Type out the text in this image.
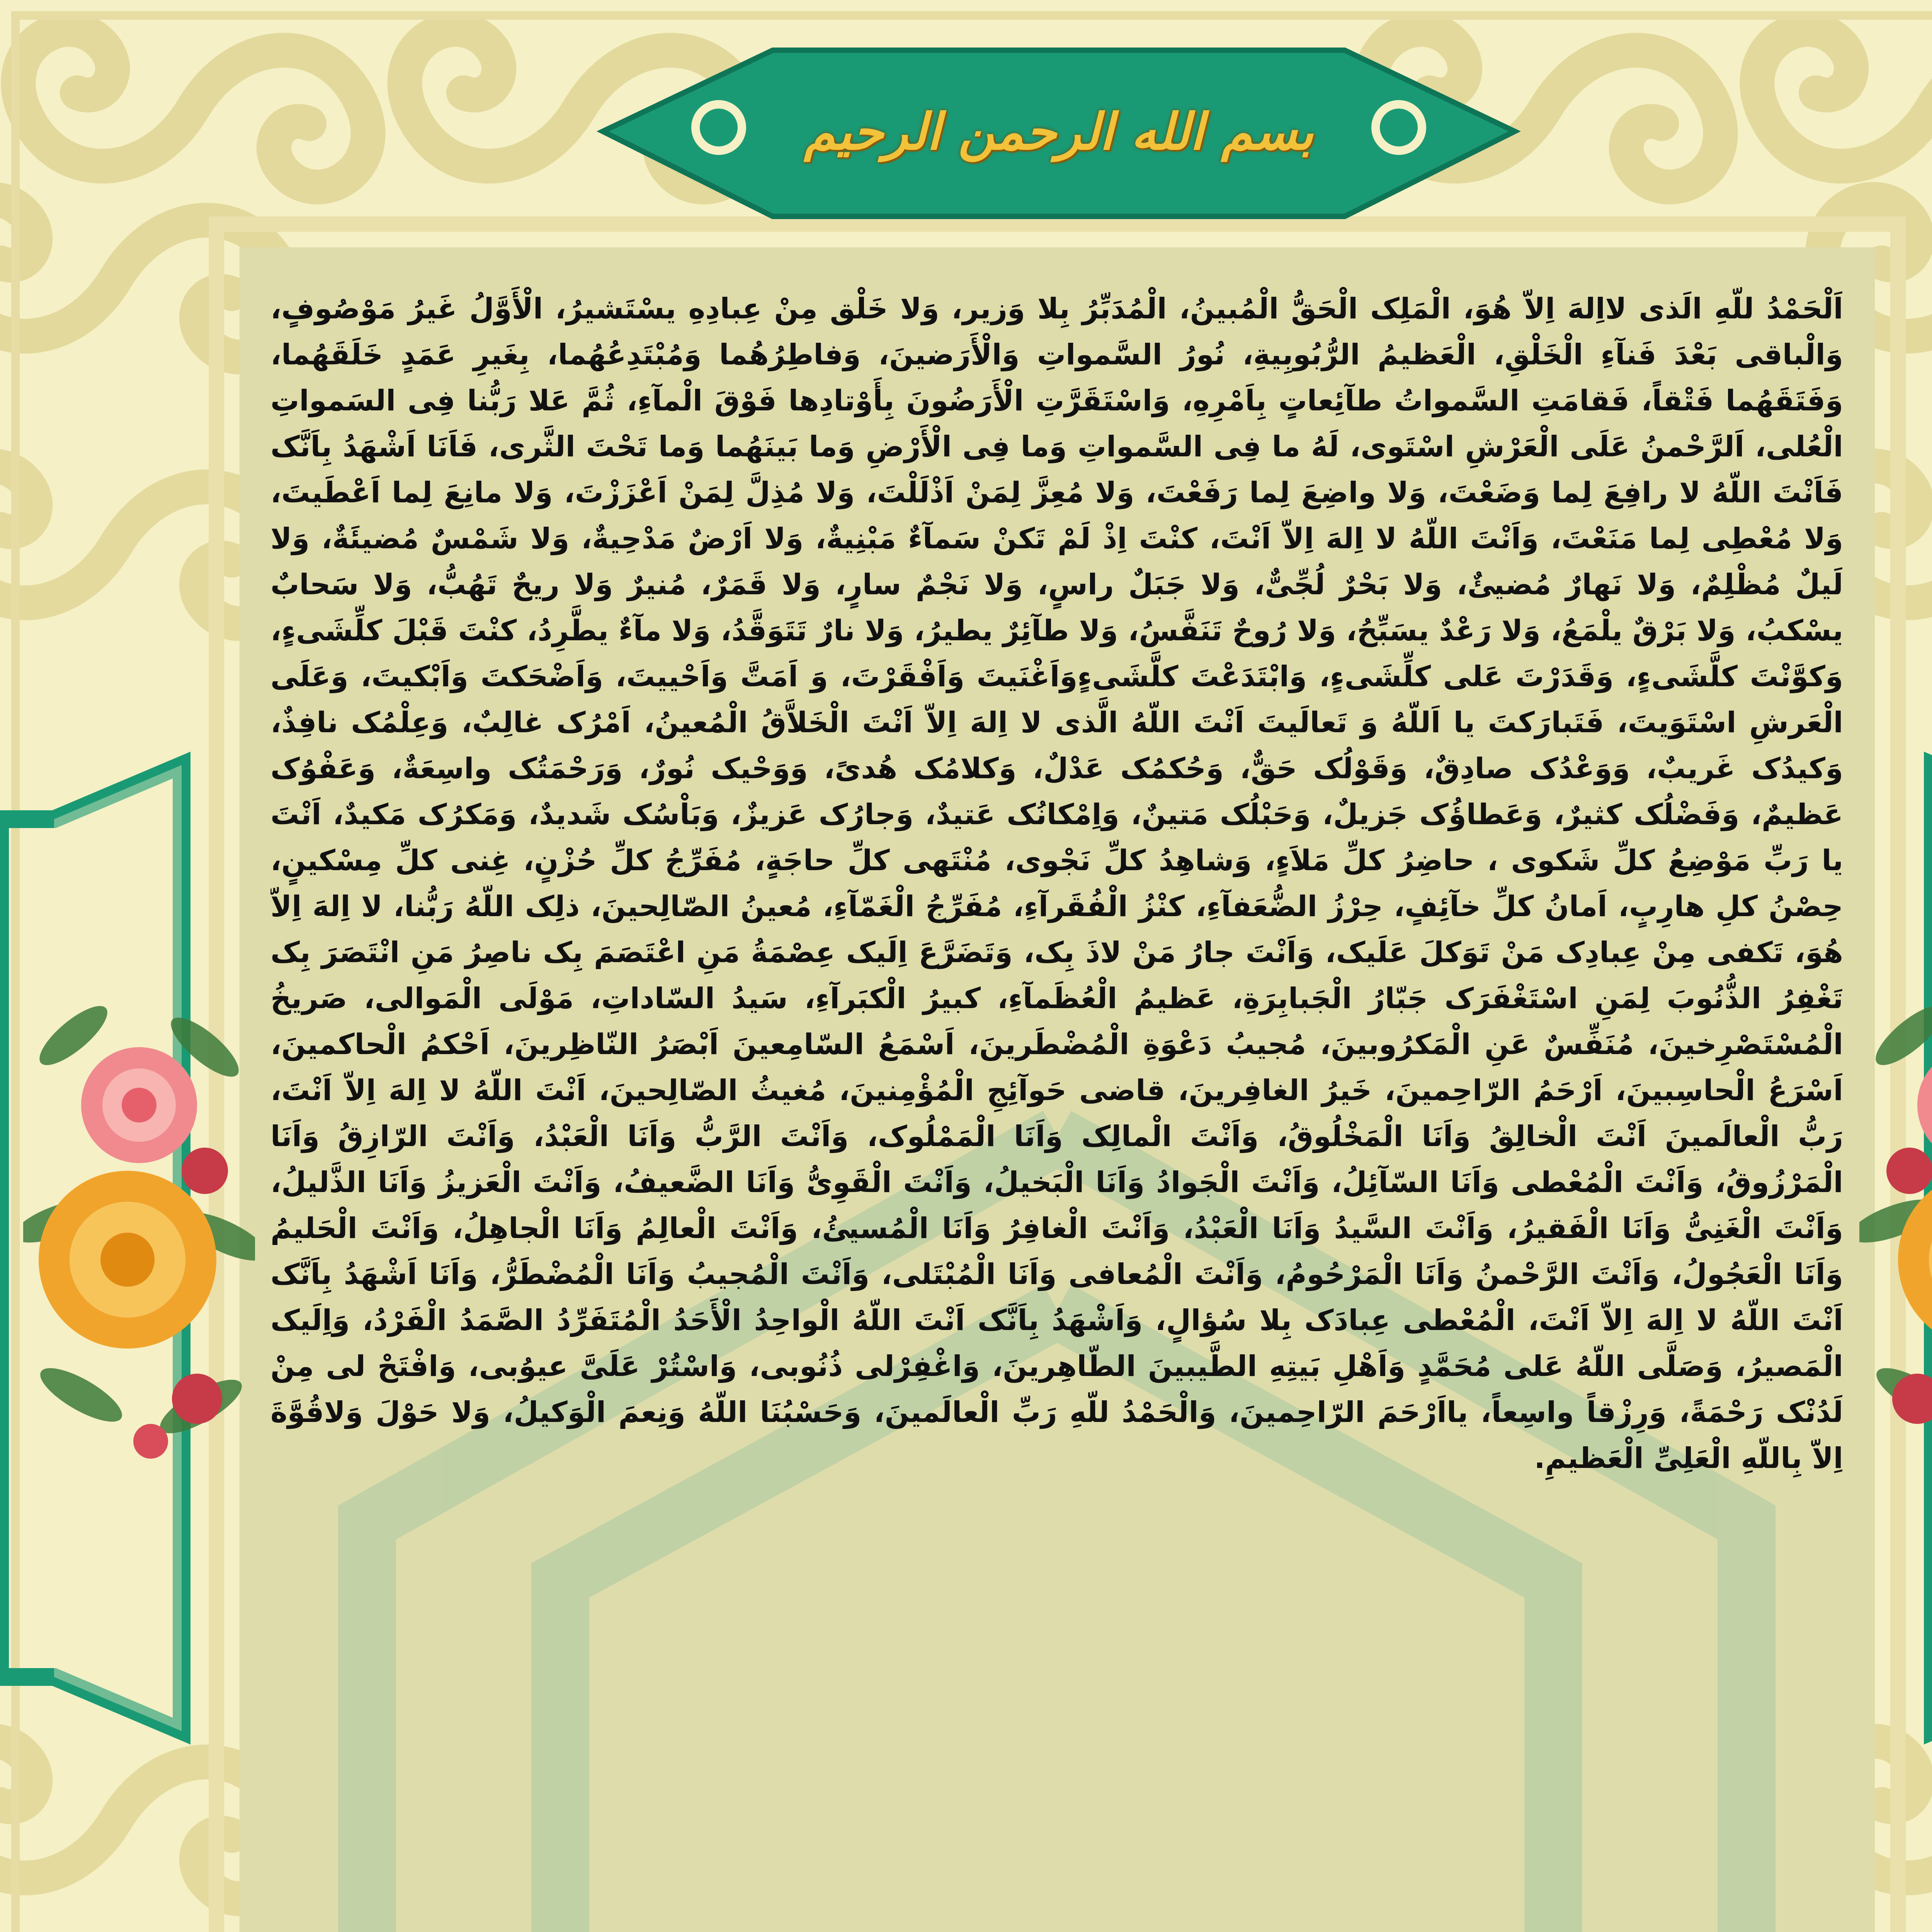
بسم الله الرحمن الرحيم

اَلْحَمْدُ للّهِ الَذی لااِلهَ اِلاّ هُوَ، الْمَلِک الْحَقُّ الْمُبینُ، الْمُدَبِّرُ بِلا وَزیر، وَلا خَلْق مِنْ عِبادِهِ یسْتَشیرُ، الْأَوَّلُ غَیرُ مَوْصُوفٍ، وَالْباقی بَعْدَ فَنآءِ الْخَلْقِ، الْعَظیمُ الرُّبُوبِیةِ، نُورُ السَّمواتِ وَالْأَرَضینَ، وَفاطِرُهُما وَمُبْتَدِعُهُما، بِغَیرِ عَمَدٍ خَلَقَهُما، وَفَتَقَهُما فَتْقاً، فَقامَتِ السَّمواتُ طآئِعاتٍ بِاَمْرِهِ، وَاسْتَقَرَّتِ الْأَرَضُونَ بِأَوْتادِها فَوْقَ الْمآءِ، ثُمَّ عَلا رَبُّنا فِی السَمواتِ الْعُلی، اَلرَّحْمنُ عَلَی الْعَرْشِ اسْتَوی، لَهُ ما فِی السَّمواتِ وَما فِی الْأَرْضِ وَما بَینَهُما وَما تَحْتَ الثَّری، فَاَنَا اَشْهَدُ بِاَنَّک فَاَنْتَ اللّهُ لا رافِعَ لِما وَضَعْتَ، وَلا واضِعَ لِما رَفَعْتَ، وَلا مُعِزَّ لِمَنْ اَذْلَلْتَ، وَلا مُذِلَّ لِمَنْ اَعْزَزْتَ، وَلا مانِعَ لِما اَعْطَیتَ، وَلا مُعْطِی لِما مَنَعْتَ، وَاَنْتَ اللّهُ لا اِلهَ اِلاّ اَنْتَ، کنْتَ اِذْ لَمْ تَکنْ سَمآءٌ مَبْنِیةٌ، وَلا اَرْضٌ مَدْحِیةٌ، وَلا شَمْسٌ مُضیئَةٌ، وَلا لَیلٌ مُظْلِمٌ، وَلا نَهارٌ مُضیئٌ، وَلا بَحْرٌ لُجِّیٌّ، وَلا جَبَلٌ راسٍ، وَلا نَجْمٌ سارٍ، وَلا قَمَرٌ، مُنیرٌ وَلا ریحٌ تَهُبُّ، وَلا سَحابٌ یسْکبُ، وَلا بَرْقٌ یلْمَعُ، وَلا رَعْدٌ یسَبِّحُ، وَلا رُوحٌ تَنَفَّسُ، وَلا طآئِرٌ یطیرُ، وَلا نارٌ تَتَوَقَّدُ، وَلا مآءٌ یطَّرِدُ، کنْتَ قَبْلَ کلِّشَیءٍ، وَکوَّنْتَ کلَّشَیءٍ، وَقَدَرْتَ عَلی کلِّشَیءٍ، وَابْتَدَعْتَ کلَّشَیءٍوَاَغْنَیتَ وَاَفْقَرْتَ، وَ اَمَتَّ وَاَحْییتَ، وَاَضْحَکتَ وَاَبْکیتَ، وَعَلَی الْعَرشِ اسْتَوَیتَ، فَتَبارَکتَ یا اَللّهُ وَ تَعالَیتَ اَنْتَ اللّهُ الَّذی لا اِلهَ اِلاّ اَنْتَ الْخَلاَّقُ الْمُعینُ، اَمْرُک غالِبٌ، وَعِلْمُک نافِذٌ، وَکیدُک غَریبٌ، وَوَعْدُک صادِقٌ، وَقَوْلُک حَقٌّ، وَحُکمُک عَدْلٌ، وَکلامُک هُدیً، وَوَحْیک نُورٌ، وَرَحْمَتُک واسِعَةٌ، وَعَفْوُک عَظیمٌ، وَفَضْلُک کثیرٌ، وَعَطاؤُک جَزیلٌ، وَحَبْلُک مَتینٌ، وَاِمْکانُک عَتیدٌ، وَجارُک عَزیزٌ، وَبَاْسُک شَدیدٌ، وَمَکرُک مَکیدٌ، اَنْتَ یا رَبِّ مَوْضِعُ کلِّ شَکوی ، حاضِرُ کلِّ مَلاَءٍ، وَشاهِدُ کلِّ نَجْوی، مُنْتَهی کلِّ حاجَةٍ، مُفَرِّجُ کلِّ حُزْنٍ، غِنی کلِّ مِسْکینٍ، حِصْنُ کلِ هارِبٍ، اَمانُ کلِّ خآئِفٍ، حِرْزُ الضُّعَفآءِ، کنْزُ الْفُقَرآءِ، مُفَرِّجُ الْغَمّآءِ، مُعینُ الصّالِحینَ، ذلِک اللّهُ رَبُّنا، لا اِلهَ اِلاّ هُوَ، تَکفی مِنْ عِبادِک مَنْ تَوَکلَ عَلَیک، وَاَنْتَ جارُ مَنْ لاذَ بِک، وَتَضَرَّعَ اِلَیک عِصْمَةُ مَنِ اعْتَصَمَ بِک ناصِرُ مَنِ انْتَصَرَ بِک تَغْفِرُ الذُّنُوبَ لِمَنِ اسْتَغْفَرَک جَبّارُ الْجَبابِرَةِ، عَظیمُ الْعُظَمآءِ، کبیرُ الْکبَرآءِ، سَیدُ السّاداتِ، مَوْلَی الْمَوالی، صَریخُ الْمُسْتَصْرِخینَ، مُنَفِّسٌ عَنِ الْمَکرُوبینَ، مُجیبُ دَعْوَةِ الْمُضْطَرینَ، اَسْمَعُ السّامِعینَ اَبْصَرُ النّاظِرینَ، اَحْکمُ الْحاکمینَ، اَسْرَعُ الْحاسِبینَ، اَرْحَمُ الرّاحِمینَ، خَیرُ الغافِرینَ، قاضی حَوآئِجِ الْمُؤْمِنینَ، مُغیثُ الصّالِحینَ، اَنْتَ اللّهُ لا اِلهَ اِلاّ اَنْتَ، رَبُّ الْعالَمینَ اَنْتَ الْخالِقُ وَاَنَا الْمَخْلُوقُ، وَاَنْتَ الْمالِک وَاَنَا الْمَمْلُوک، وَاَنْتَ الرَّبُّ وَاَنَا الْعَبْدُ، وَاَنْتَ الرّازِقُ وَاَنَا الْمَرْزُوقُ، وَاَنْتَ الْمُعْطی وَاَنَا السّآئِلُ، وَاَنْتَ الْجَوادُ وَاَنَا الْبَخیلُ، وَاَنْتَ الْقَوِیُّ وَاَنَا الضَّعیفُ، وَاَنْتَ الْعَزیزُ وَاَنَا الذَّلیلُ، وَاَنْتَ الْغَنِیُّ وَاَنَا الْفَقیرُ، وَاَنْتَ السَّیدُ وَاَنَا الْعَبْدُ، وَاَنْتَ الْغافِرُ وَاَنَا الْمُسیئُ، وَاَنْتَ الْعالِمُ وَاَنَا الْجاهِلُ، وَاَنْتَ الْحَلیمُ وَاَنَا الْعَجُولُ، وَاَنْتَ الرَّحْمنُ وَاَنَا الْمَرْحُومُ، وَاَنْتَ الْمُعافی وَاَنَا الْمُبْتَلی، وَاَنْتَ الْمُجیبُ وَاَنَا الْمُضْطَرُّ، وَاَنَا اَشْهَدُ بِاَنَّک اَنْتَ اللّهُ لا اِلهَ اِلاّ اَنْتَ، الْمُعْطی عِبادَک بِلا سُؤالٍ، وَاَشْهَدُ بِاَنَّک اَنْتَ اللّهُ الْواحِدُ الْأَحَدُ الْمُتَفَرِّدُ الصَّمَدُ الْفَرْدُ، وَاِلَیک الْمَصیرُ، وَصَلَّی اللّهُ عَلی مُحَمَّدٍ وَاَهْلِ بَیتِهِ الطَّیبینَ الطّاهِرینَ، وَاغْفِرْلی ذُنُوبی، وَاسْتُرْ عَلَیَّ عیوُبی، وَافْتَحْ لی مِنْ لَدُنْک رَحْمَةً، وَرِزْقاً واسِعاً، یااَرْحَمَ الرّاحِمینَ، وَالْحَمْدُ للّهِ رَبِّ الْعالَمینَ، وَحَسْبُنَا اللّهُ وَنِعمَ الْوَکیلُ، وَلا حَوْلَ وَلاقُوَّةَ اِلاّ بِاللّهِ الْعَلِیِّ الْعَظیمِ.
